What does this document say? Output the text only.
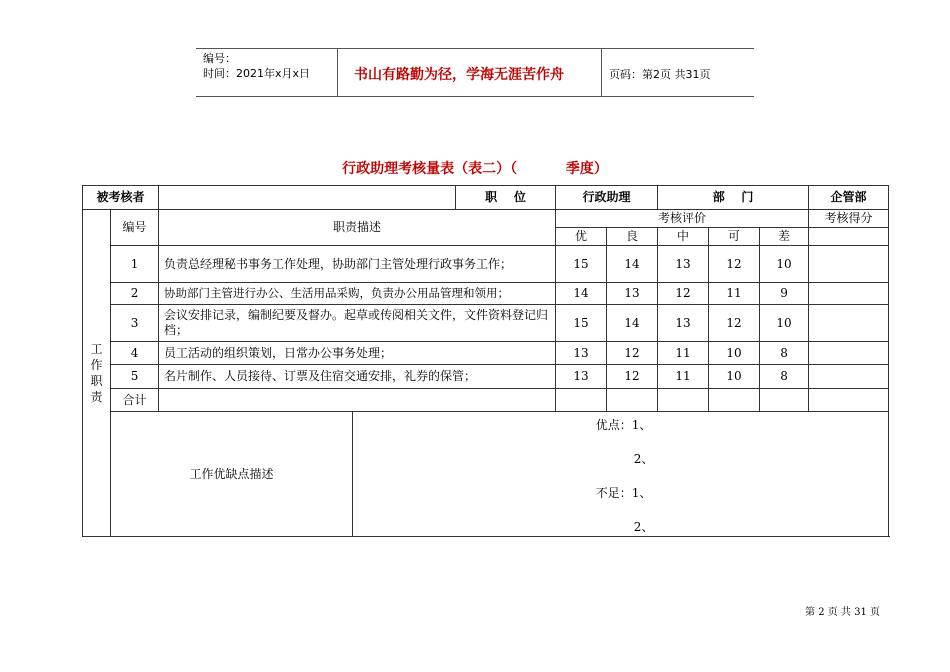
编号：
时间：2021年x月x日	书山有路勤为径，学海无涯苦作舟	页码：第2页 共31页
行政助理考核量表（表二）（          季度）
被考核者				职    位	行政助理		部    门			企管部

工
作
职
责	编号	职责描述			考核评价					考核得分
					优	良	中	可	差	
	1	负责总经理秘书事务工作处理，协助部门主管处理行政事务工作；			15	14	13	12	10	
	2	协助部门主管进行办公、生活用品采购，负责办公用品管理和领用；			14	13	12	11	9	
	3	会议安排记录，编制纪要及督办。起草或传阅相关文件，文件资料登记归档；			15	14	13	12	10	
	4	员工活动的组织策划，日常办公事务处理；			13	12	11	10	8	
	5	名片制作、人员接待、订票及住宿交通安排，礼券的保管；			13	12	11	10	8	
	合计									
	工作优缺点描述		优点：1、
2、
不足：1、
2、							
第 2 页 共 31 页
